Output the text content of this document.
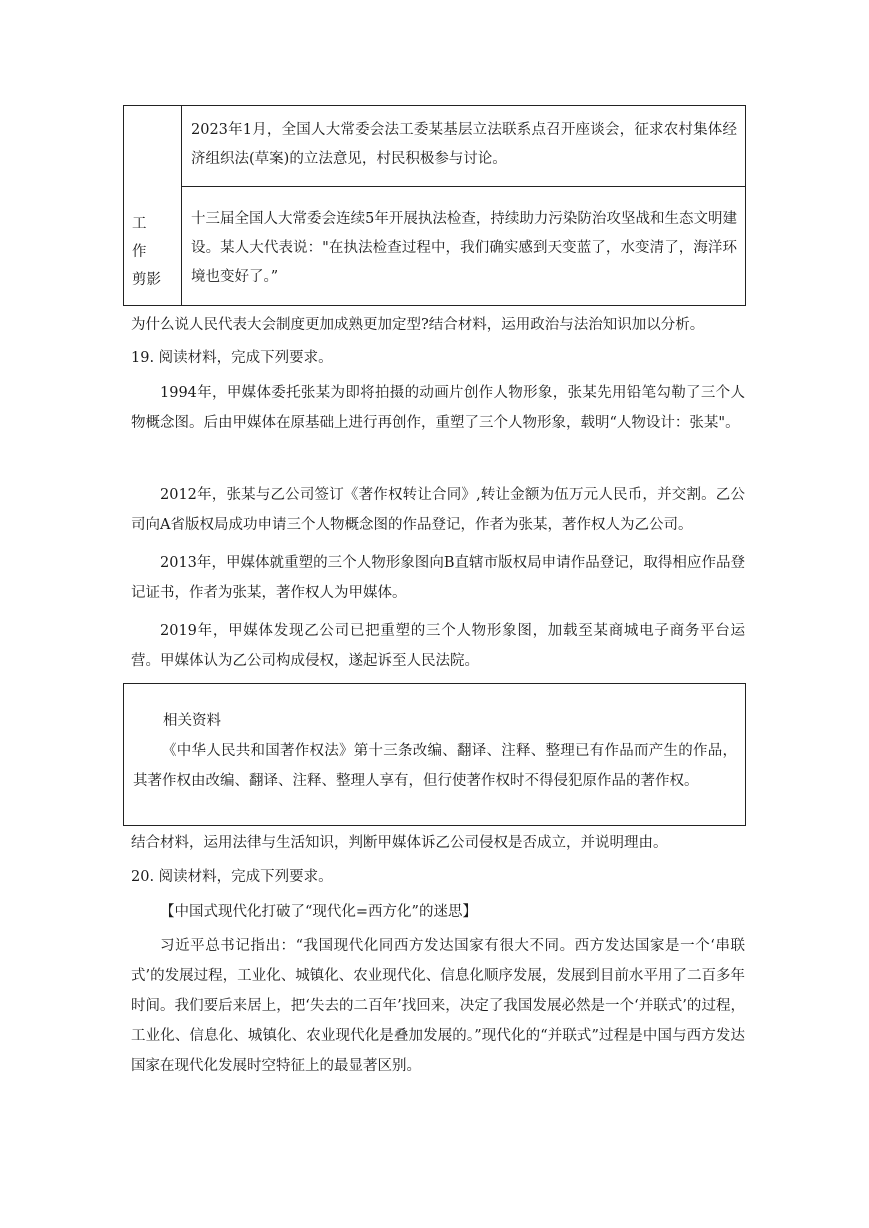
工作
剪影
2023年1月，全国人大常委会法工委某基层立法联系点召开座谈会，征求农村集体经济组织法(草案)的立法意见，村民积极参与讨论。
十三届全国人大常委会连续5年开展执法检查，持续助力污染防治攻坚战和生态文明建设。某人大代表说："在执法检查过程中，我们确实感到天变蓝了，水变清了，海洋环境也变好了。”
为什么说人民代表大会制度更加成熟更加定型?结合材料，运用政治与法治知识加以分析。
19. 阅读材料，完成下列要求。
1994年，甲媒体委托张某为即将拍摄的动画片创作人物形象，张某先用铅笔勾勒了三个人物概念图。后由甲媒体在原基础上进行再创作，重塑了三个人物形象，载明“人物设计：张某"。
2012年，张某与乙公司签订《著作权转让合同》,转让金额为伍万元人民币，并交割。乙公司向A省版权局成功申请三个人物概念图的作品登记，作者为张某，著作权人为乙公司。
2013年，甲媒体就重塑的三个人物形象图向B直辖市版权局申请作品登记，取得相应作品登记证书，作者为张某，著作权人为甲媒体。
2019年，甲媒体发现乙公司已把重塑的三个人物形象图，加载至某商城电子商务平台运营。甲媒体认为乙公司构成侵权，遂起诉至人民法院。
相关资料
《中华人民共和国著作权法》第十三条改编、翻译、注释、整理已有作品而产生的作品，其著作权由改编、翻译、注释、整理人享有，但行使著作权时不得侵犯原作品的著作权。
结合材料，运用法律与生活知识，判断甲媒体诉乙公司侵权是否成立，并说明理由。
20. 阅读材料，完成下列要求。
【中国式现代化打破了“现代化=西方化”的迷思】
习近平总书记指出：“我国现代化同西方发达国家有很大不同。西方发达国家是一个‘串联式’的发展过程，工业化、城镇化、农业现代化、信息化顺序发展，发展到目前水平用了二百多年时间。我们要后来居上，把‘失去的二百年’找回来，决定了我国发展必然是一个‘并联式’的过程，工业化、信息化、城镇化、农业现代化是叠加发展的。”现代化的“并联式”过程是中国与西方发达国家在现代化发展时空特征上的最显著区别。
